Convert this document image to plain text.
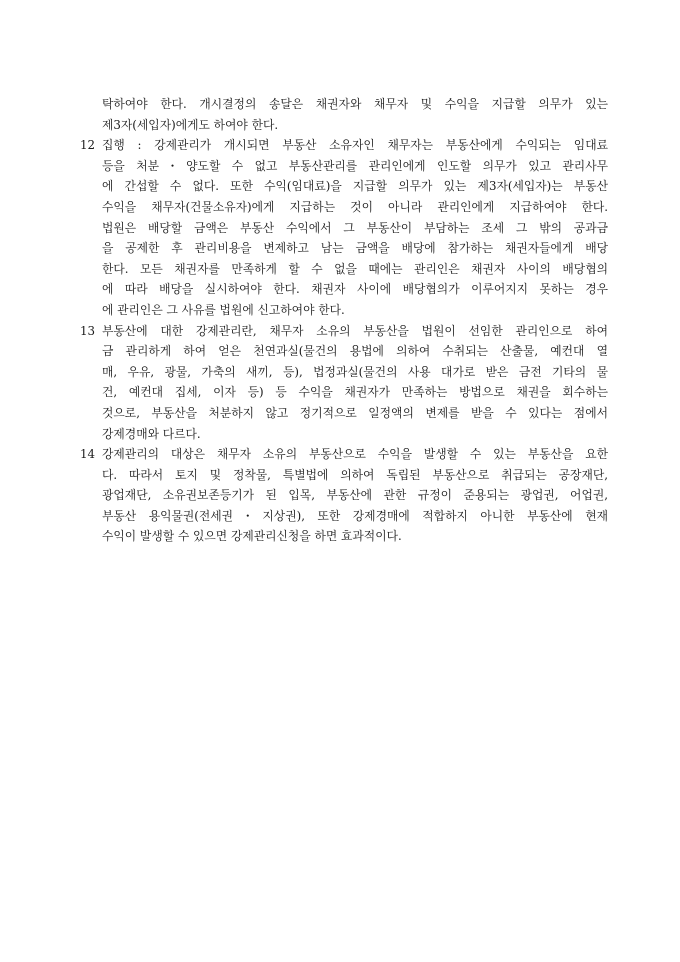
탁하여야 한다. 개시결정의 송달은 채권자와 채무자 및 수익을 지급할 의무가 있는
제3자(세입자)에게도 하여야 한다.
12 집행 : 강제관리가 개시되면 부동산 소유자인 채무자는 부동산에게 수익되는 임대료
등을 처분・양도할 수 없고 부동산관리를 관리인에게 인도할 의무가 있고 관리사무
에 간섭할 수 없다. 또한 수익(임대료)을 지급할 의무가 있는 제3자(세입자)는 부동산
수익을 채무자(건물소유자)에게 지급하는 것이 아니라 관리인에게 지급하여야 한다.
법원은 배당할 금액은 부동산 수익에서 그 부동산이 부담하는 조세 그 밖의 공과금
을 공제한 후 관리비용을 변제하고 남는 금액을 배당에 참가하는 채권자들에게 배당
한다. 모든 채권자를 만족하게 할 수 없을 때에는 관리인은 채권자 사이의 배당협의
에 따라 배당을 실시하여야 한다. 채권자 사이에 배당협의가 이루어지지 못하는 경우
에 관리인은 그 사유를 법원에 신고하여야 한다.
13 부동산에 대한 강제관리란, 채무자 소유의 부동산을 법원이 선임한 관리인으로 하여
금 관리하게 하여 얻은 천연과실(물건의 용법에 의하여 수취되는 산출물, 예컨대 열
매, 우유, 광물, 가축의 새끼, 등), 법정과실(물건의 사용 대가로 받은 금전 기타의 물
건, 예컨대 집세, 이자 등) 등 수익을 채권자가 만족하는 방법으로 채권을 회수하는
것으로, 부동산을 처분하지 않고 정기적으로 일정액의 변제를 받을 수 있다는 점에서
강제경매와 다르다.
14 강제관리의 대상은 채무자 소유의 부동산으로 수익을 발생할 수 있는 부동산을 요한
다. 따라서 토지 및 정착물, 특별법에 의하여 독립된 부동산으로 취급되는 공장재단,
광업재단, 소유권보존등기가 된 입목, 부동산에 관한 규정이 준용되는 광업권, 어업권,
부동산 용익물권(전세권・지상권), 또한 강제경매에 적합하지 아니한 부동산에 현재
수익이 발생할 수 있으면 강제관리신청을 하면 효과적이다.
